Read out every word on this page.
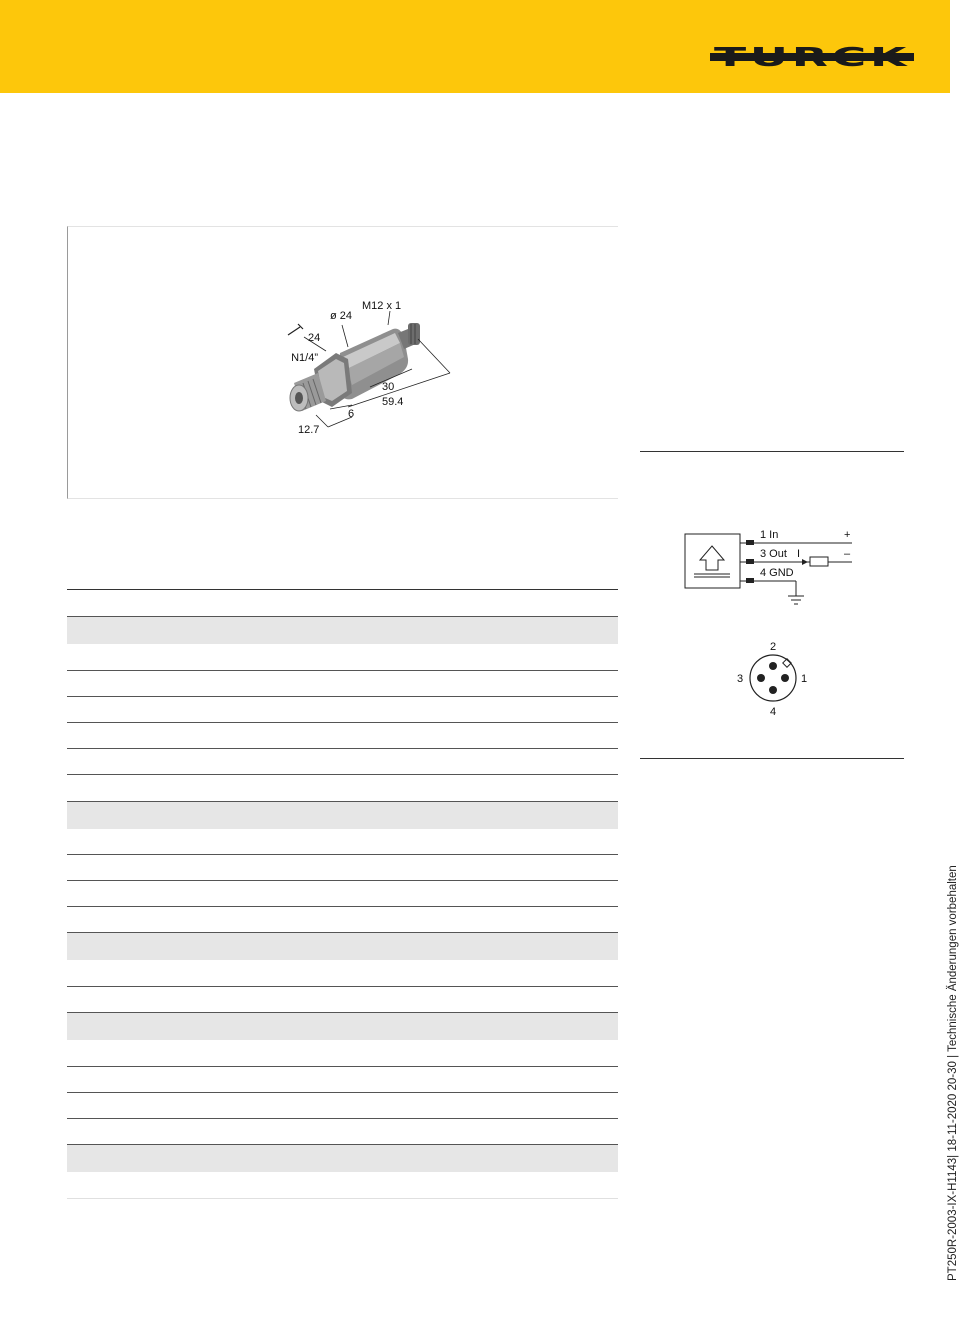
TURCK
N1/4”
24
ø 24
M12 x 1
30
59.4
6
12.7
1 In
3 Out
4 GND
I
+
–
2
3	1
4
PT250R-2003-IX-H1143| 18-11-2020 20-30 | Technische Änderungen vorbehalten
